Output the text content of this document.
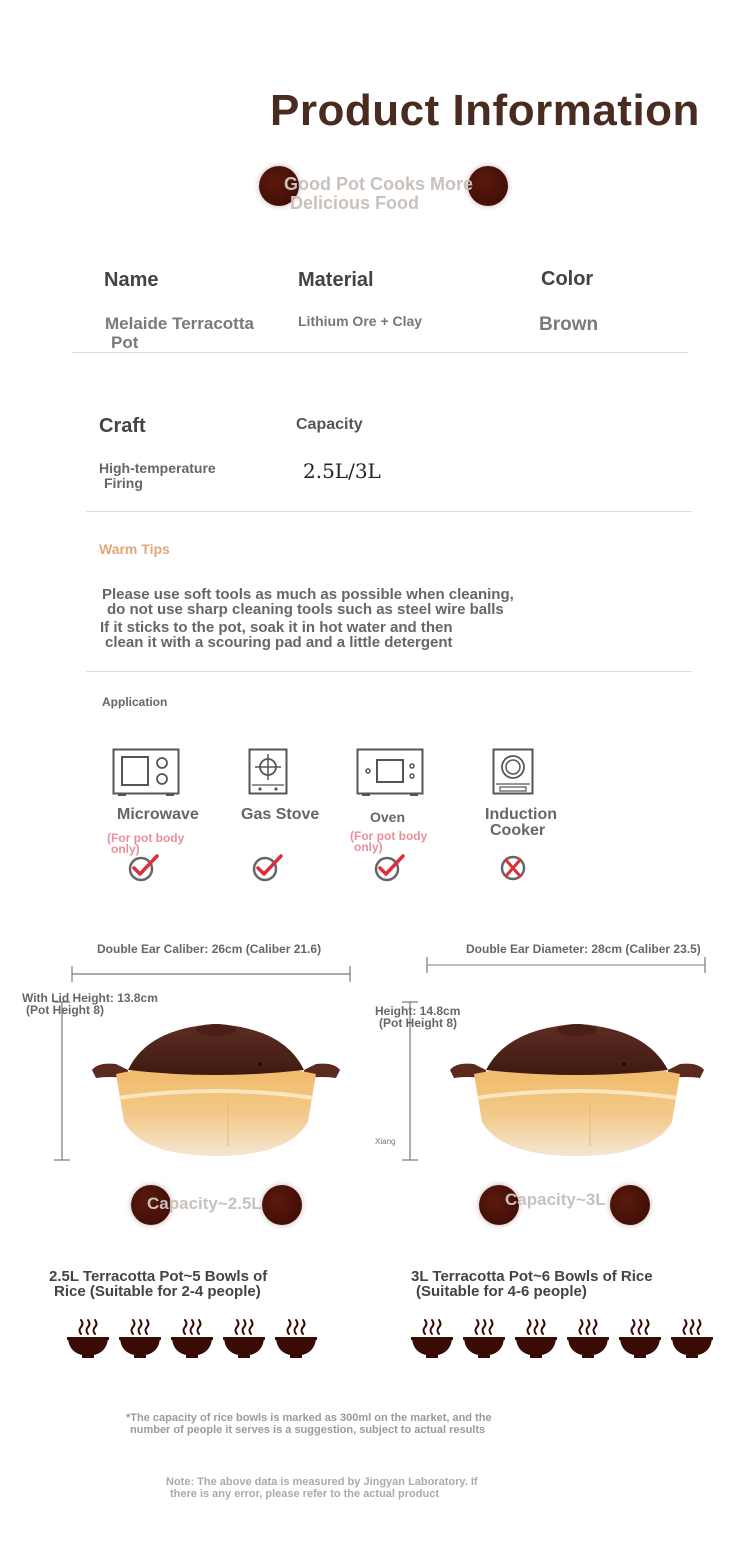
Product Information
Good Pot Cooks More
Delicious Food
Name	Material	Color
Melaide Terracotta
Pot
Lithium Ore + Clay	Brown
Craft	Capacity
High-temperature
Firing	2.5L/3L
Warm Tips
Please use soft tools as much as possible when cleaning,
do not use sharp cleaning tools such as steel wire balls
If it sticks to the pot, soak it in hot water and then
clean it with a scouring pad and a little detergent
Application
Microwave	Gas Stove	Oven	Induction
Cooker
(For pot body
only)
(For pot body
only)
Double Ear Caliber: 26cm (Caliber 21.6)	Double Ear Diameter: 28cm (Caliber 23.5)
With Lid Height: 13.8cm
(Pot Height 8)	Height: 14.8cm
(Pot Height 8)
Xiang
Capacity~2.5L	Capacity~3L
2.5L Terracotta Pot~5 Bowls of
Rice (Suitable for 2-4 people)
3L Terracotta Pot~6 Bowls of Rice
(Suitable for 4-6 people)
*The capacity of rice bowls is marked as 300ml on the market, and the
number of people it serves is a suggestion, subject to actual results
Note: The above data is measured by Jingyan Laboratory. If
there is any error, please refer to the actual product
